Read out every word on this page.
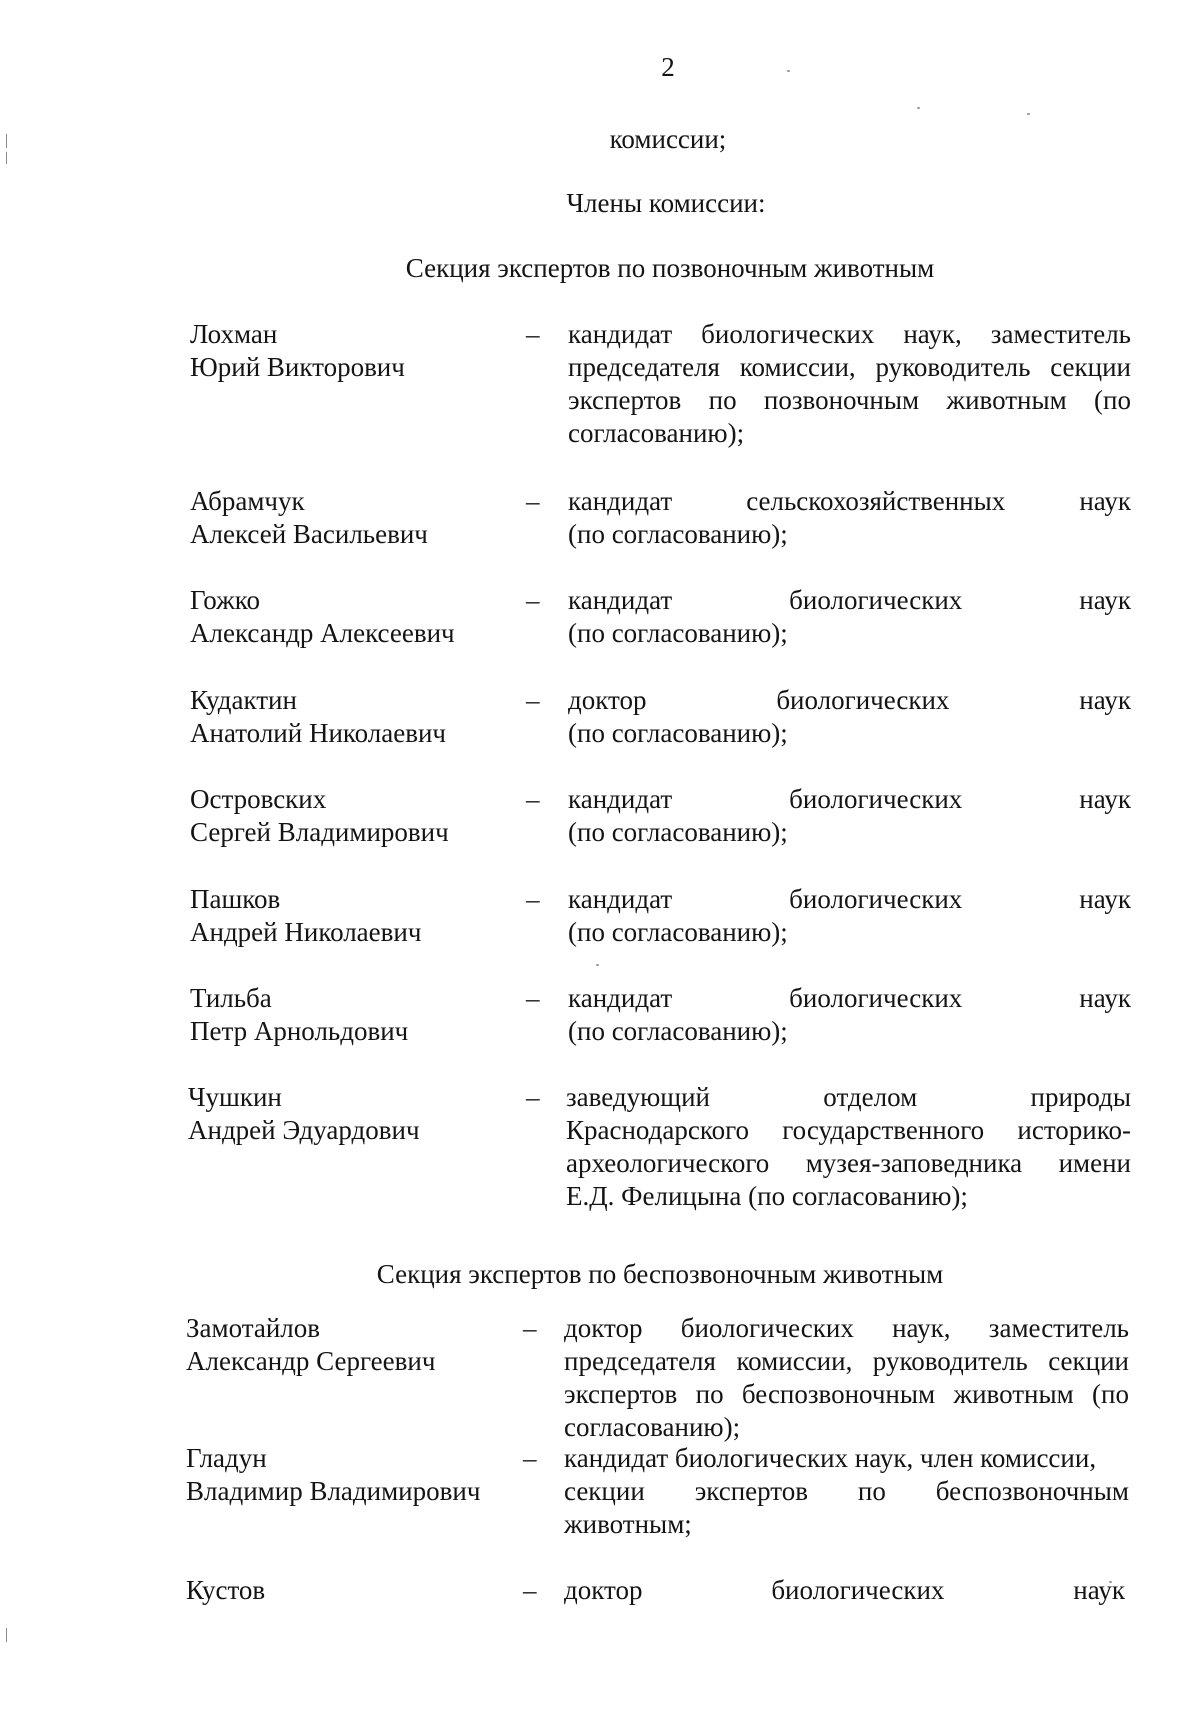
2
комиссии;
Члены комиссии:
Секция экспертов по позвоночным животным
Секция экспертов по беспозвоночным животным
Лохман
Юрий Викторович
– кандидат биологических наук, заместитель
председателя комиссии, руководитель секции
экспертов по позвоночным животным (по
согласованию);
Абрамчук
Алексей Васильевич
– кандидат сельскохозяйственных наук
(по согласованию);
Гожко
Александр Алексеевич
– кандидат биологических наук
(по согласованию);
Кудактин
Анатолий Николаевич
– доктор биологических наук
(по согласованию);
Островских
Сергей Владимирович
– кандидат биологических наук
(по согласованию);
Пашков
Андрей Николаевич
– кандидат биологических наук
(по согласованию);
Тильба
Петр Арнольдович
– кандидат биологических наук
(по согласованию);
Чушкин
Андрей Эдуардович
– заведующий отделом природы
Краснодарского государственного историко-
археологического музея-заповедника имени
Е.Д. Фелицына (по согласованию);
Замотайлов
Александр Сергеевич
– доктор биологических наук, заместитель
председателя комиссии, руководитель секции
экспертов по беспозвоночным животным (по
согласованию);
Гладун
Владимир Владимирович
– кандидат биологических наук, член комиссии,
секции экспертов по беспозвоночным
животным;
Кустов	– доктор биологических наук
